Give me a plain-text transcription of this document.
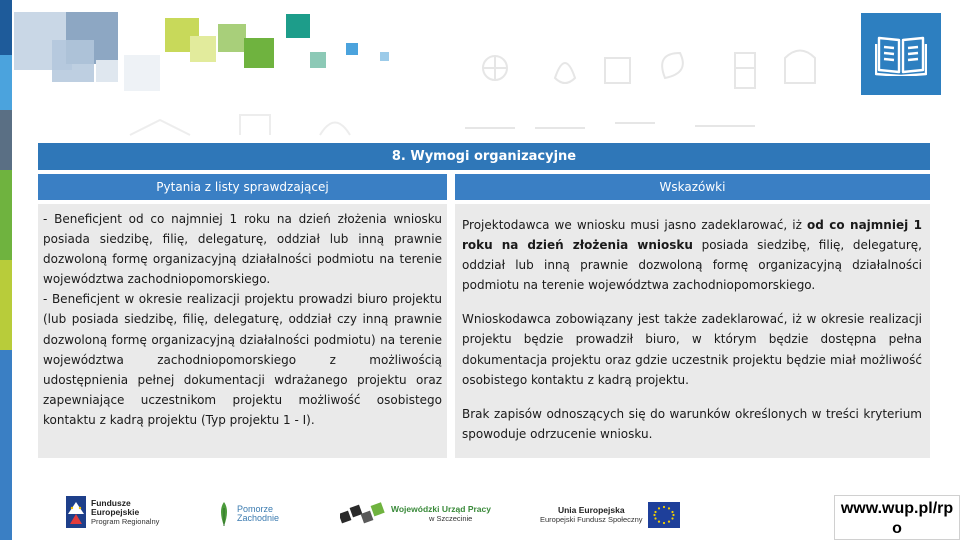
8. Wymogi organizacyjne
Pytania z listy sprawdzającej	Wskazówki
- Beneficjent od co najmniej 1 roku na dzień złożenia wniosku posiada siedzibę, filię, delegaturę, oddział lub inną prawnie dozwoloną formę organizacyjną działalności podmiotu na terenie województwa zachodniopomorskiego.
- Beneficjent w okresie realizacji projektu prowadzi biuro projektu (lub posiada siedzibę, filię, delegaturę, oddział czy inną prawnie dozwoloną formę organizacyjną działalności podmiotu) na terenie województwa zachodniopomorskiego z możliwością udostępnienia pełnej dokumentacji wdrażanego projektu oraz zapewniające uczestnikom projektu możliwość osobistego kontaktu z kadrą projektu (Typ projektu 1 - I).
Projektodawca we wniosku musi jasno zadeklarować, iż od co najmniej 1 roku na dzień złożenia wniosku posiada siedzibę, filię, delegaturę, oddział lub inną prawnie dozwoloną formę organizacyjną działalności podmiotu na terenie województwa zachodniopomorskiego.
Wnioskodawca zobowiązany jest także zadeklarować, iż w okresie realizacji projektu będzie prowadził biuro, w którym będzie dostępna pełna dokumentacja projektu oraz gdzie uczestnik projektu będzie miał możliwość osobistego kontaktu z kadrą projektu.
Brak zapisów odnoszących się do warunków określonych w treści kryterium spowoduje odrzucenie wniosku.
Fundusze
Europejskie
Program Regionalny
Pomorze
Zachodnie
Wojewódzki Urząd Pracy
w Szczecinie
Unia Europejska
Europejski Fundusz Społeczny
www.wup.pl/rpo
